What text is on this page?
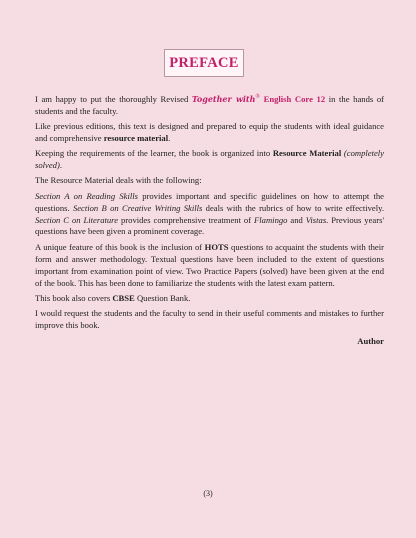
PREFACE

I am happy to put the thoroughly Revised Together with® English Core 12 in the hands of students and the faculty.

Like previous editions, this text is designed and prepared to equip the students with ideal guidance and comprehensive resource material.

Keeping the requirements of the learner, the book is organized into Resource Material (completely solved).

The Resource Material deals with the following:

Section A on Reading Skills provides important and specific guidelines on how to attempt the questions. Section B on Creative Writing Skills deals with the rubrics of how to write effectively. Section C on Literature provides comprehensive treatment of Flamingo and Vistas. Previous years' questions have been given a prominent coverage.

A unique feature of this book is the inclusion of HOTS questions to acquaint the students with their form and answer methodology. Textual questions have been included to the extent of questions important from examination point of view. Two Practice Papers (solved) have been given at the end of the book. This has been done to familiarize the students with the latest exam pattern.

This book also covers CBSE Question Bank.

I would request the students and the faculty to send in their useful comments and mistakes to further improve this book.

Author
(3)
